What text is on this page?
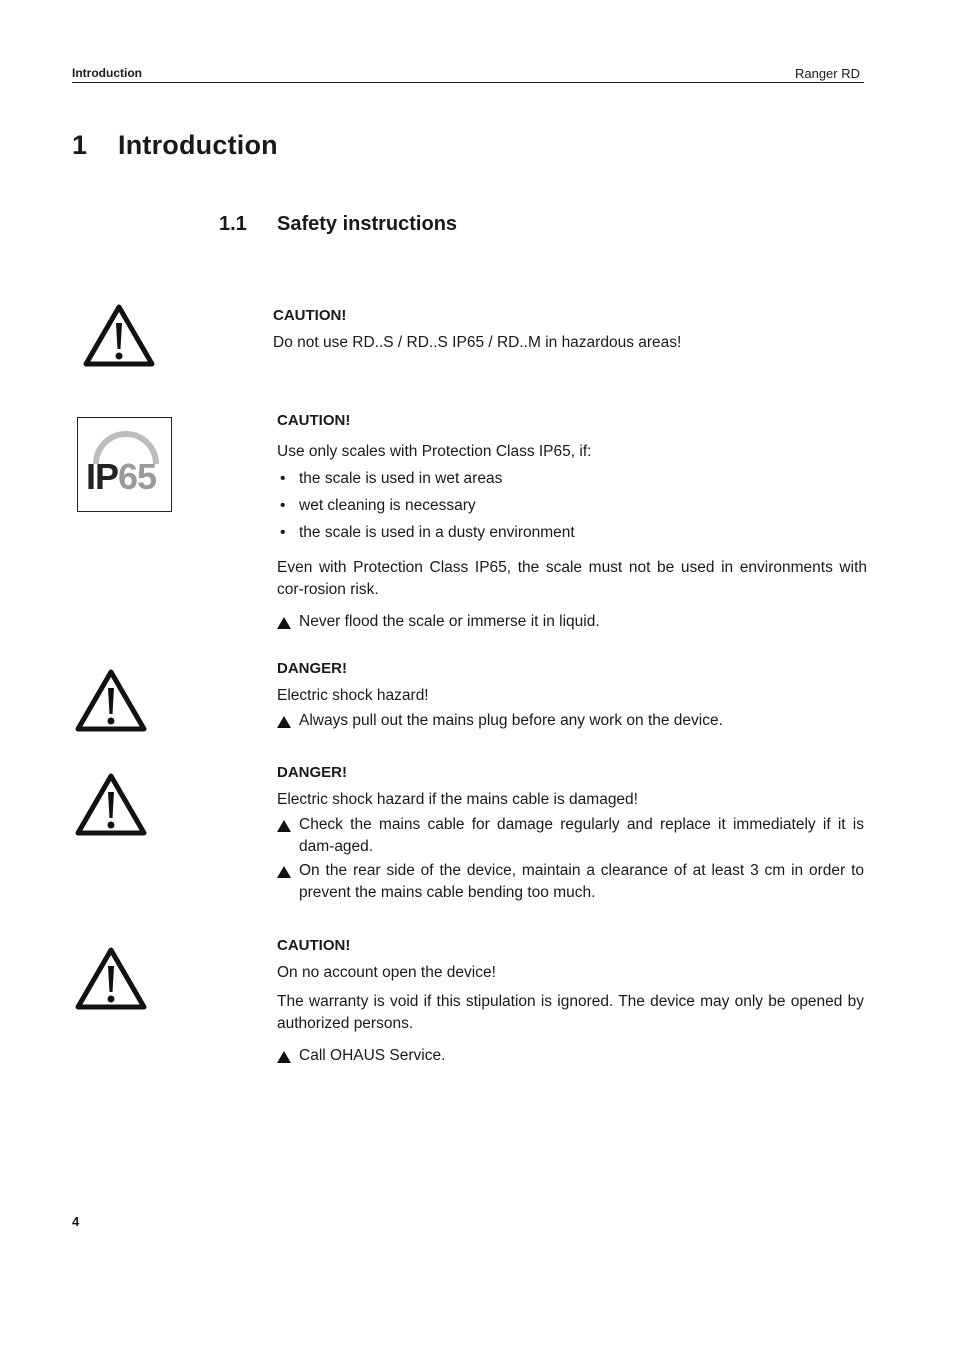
Introduction	Ranger RD
1 Introduction
1.1 Safety instructions

CAUTION!

Do not use RD..S / RD..S IP65 / RD..M in hazardous areas!

IP65

CAUTION!

Use only scales with Protection Class IP65, if:

• the scale is used in wet areas

• wet cleaning is necessary

• the scale is used in a dusty environment

Even with Protection Class IP65, the scale must not be used in environments with cor-rosion risk.

Never flood the scale or immerse it in liquid.

DANGER!

Electric shock hazard!

Always pull out the mains plug before any work on the device.

DANGER!

Electric shock hazard if the mains cable is damaged!

Check the mains cable for damage regularly and replace it immediately if it is dam-aged.

On the rear side of the device, maintain a clearance of at least 3 cm in order to prevent the mains cable bending too much.

CAUTION!

On no account open the device!

The warranty is void if this stipulation is ignored. The device may only be opened by authorized persons.

Call OHAUS Service.

4
